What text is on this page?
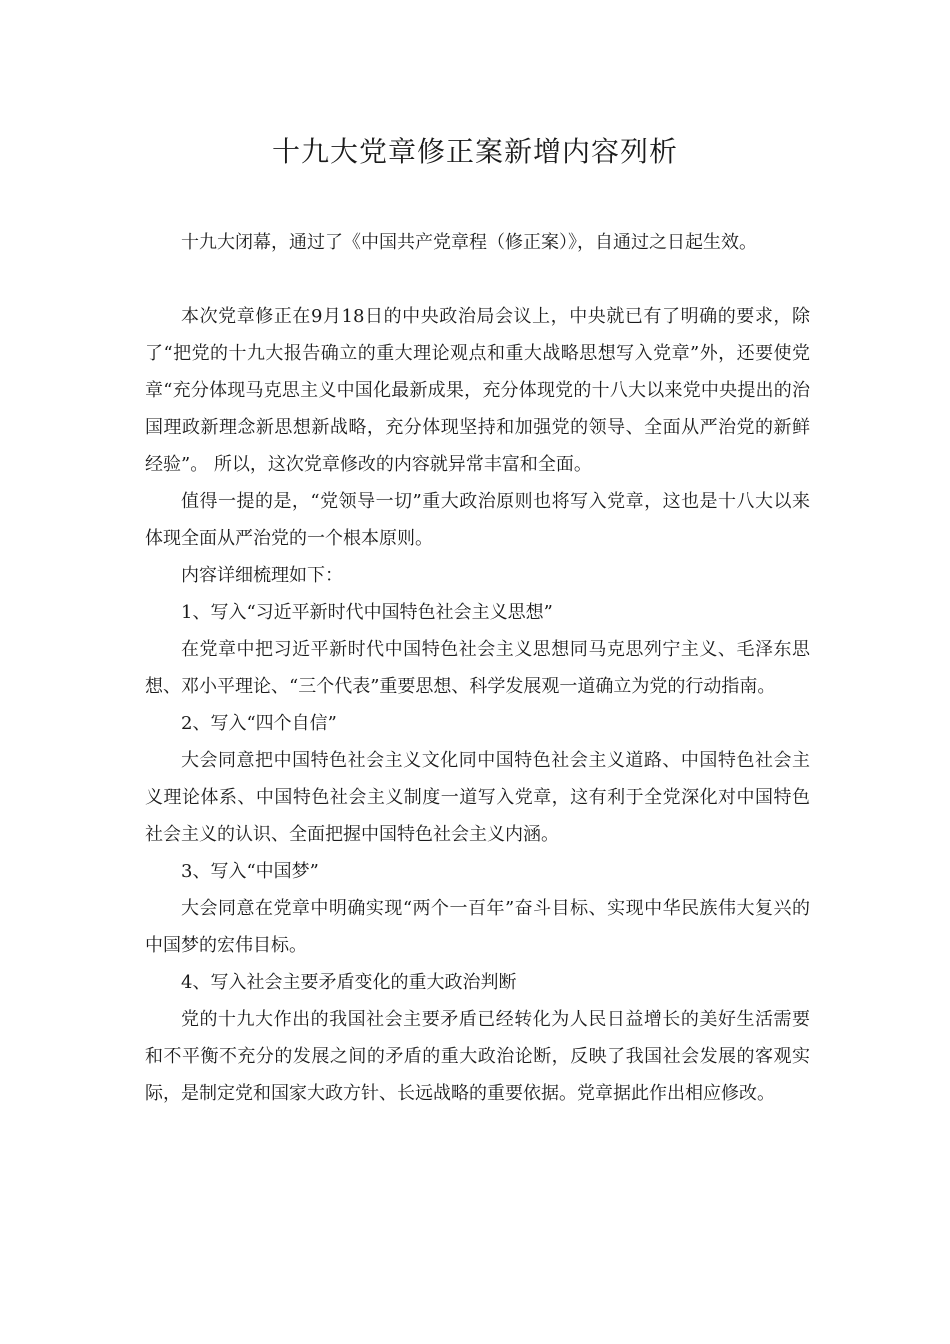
十九大党章修正案新增内容列析

十九大闭幕，通过了《中国共产党章程（修正案）》，自通过之日起生效。

本次党章修正在9月18日的中央政治局会议上，中央就已有了明确的要求，除了“把党的十九大报告确立的重大理论观点和重大战略思想写入党章”外，还要使党章“充分体现马克思主义中国化最新成果，充分体现党的十八大以来党中央提出的治国理政新理念新思想新战略，充分体现坚持和加强党的领导、全面从严治党的新鲜经验”。 所以，这次党章修改的内容就异常丰富和全面。

值得一提的是，“党领导一切”重大政治原则也将写入党章，这也是十八大以来体现全面从严治党的一个根本原则。

内容详细梳理如下：

1、写入“习近平新时代中国特色社会主义思想”

在党章中把习近平新时代中国特色社会主义思想同马克思列宁主义、毛泽东思想、邓小平理论、“三个代表”重要思想、科学发展观一道确立为党的行动指南。

2、写入“四个自信”

大会同意把中国特色社会主义文化同中国特色社会主义道路、中国特色社会主义理论体系、中国特色社会主义制度一道写入党章，这有利于全党深化对中国特色社会主义的认识、全面把握中国特色社会主义内涵。

3、写入“中国梦”

大会同意在党章中明确实现“两个一百年”奋斗目标、实现中华民族伟大复兴的中国梦的宏伟目标。

4、写入社会主要矛盾变化的重大政治判断

党的十九大作出的我国社会主要矛盾已经转化为人民日益增长的美好生活需要和不平衡不充分的发展之间的矛盾的重大政治论断，反映了我国社会发展的客观实际，是制定党和国家大政方针、长远战略的重要依据。党章据此作出相应修改。
